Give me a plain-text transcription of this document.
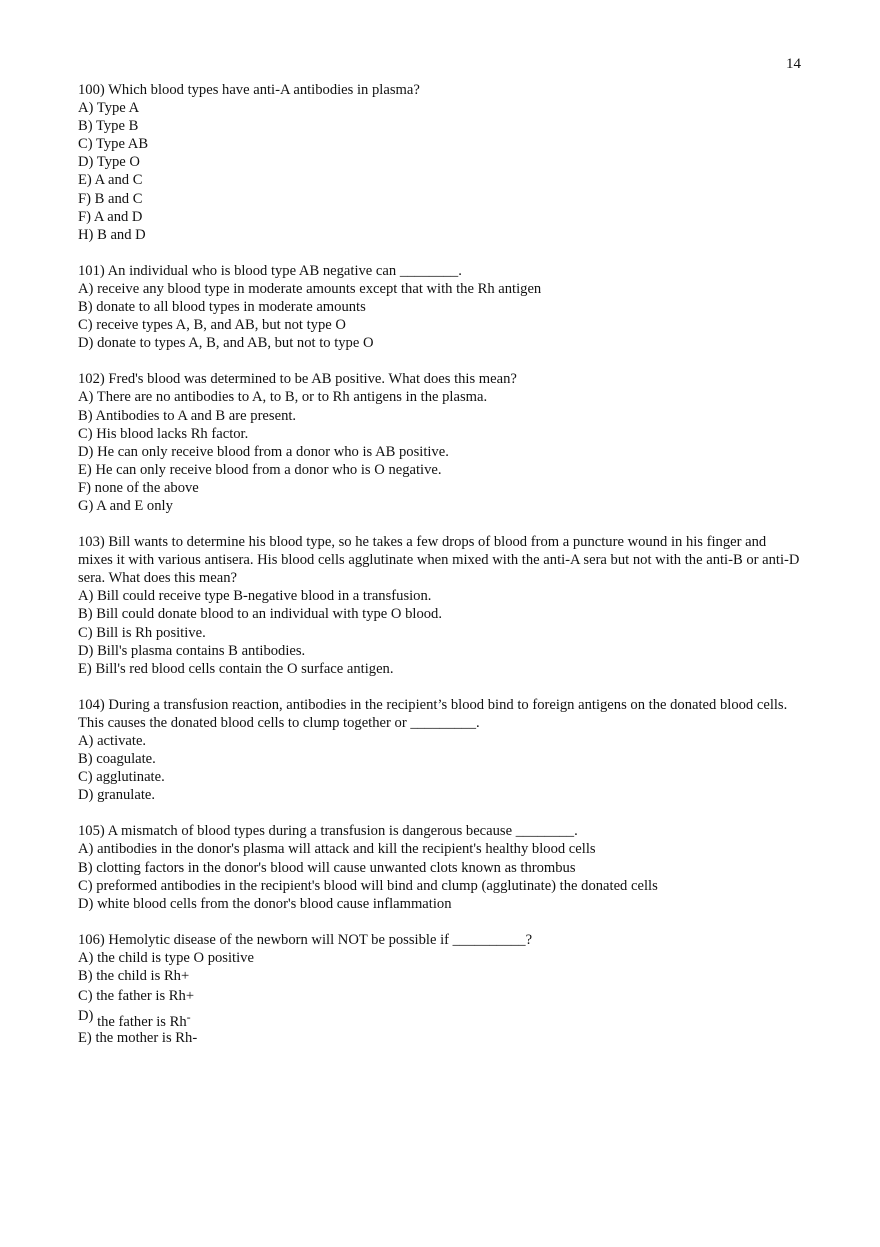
14
100) Which blood types have anti-A antibodies in plasma?
A) Type A
B) Type B
C) Type AB
D) Type O
E) A and C
F) B and C
F) A and D
H) B and D
101) An individual who is blood type AB negative can ________.
A) receive any blood type in moderate amounts except that with the Rh antigen
B) donate to all blood types in moderate amounts
C) receive types A, B, and AB, but not type O
D) donate to types A, B, and AB, but not to type O
102) Fred's blood was determined to be AB positive. What does this mean?
A) There are no antibodies to A, to B, or to Rh antigens in the plasma.
B) Antibodies to A and B are present.
C) His blood lacks Rh factor.
D) He can only receive blood from a donor who is AB positive.
E) He can only receive blood from a donor who is O negative.
F) none of the above
G) A and E only
103) Bill wants to determine his blood type, so he takes a few drops of blood from a puncture wound in his finger and mixes it with various antisera. His blood cells agglutinate when mixed with the anti-A sera but not with the anti-B or anti-D sera. What does this mean?
A) Bill could receive type B-negative blood in a transfusion.
B) Bill could donate blood to an individual with type O blood.
C) Bill is Rh positive.
D) Bill's plasma contains B antibodies.
E) Bill's red blood cells contain the O surface antigen.
104) During a transfusion reaction, antibodies in the recipient’s blood bind to foreign antigens on the donated blood cells. This causes the donated blood cells to clump together or _________.
A) activate.
B) coagulate.
C) agglutinate.
D) granulate.
105) A mismatch of blood types during a transfusion is dangerous because ________.
A) antibodies in the donor's plasma will attack and kill the recipient's healthy blood cells
B) clotting factors in the donor's blood will cause unwanted clots known as thrombus
C) preformed antibodies in the recipient's blood will bind and clump (agglutinate) the donated cells
D) white blood cells from the donor's blood cause inflammation
106) Hemolytic disease of the newborn will NOT be possible if __________?
A) the child is type O positive
B) the child is Rh+
C) the father is Rh+
D) the father is Rh-
E) the mother is Rh-
